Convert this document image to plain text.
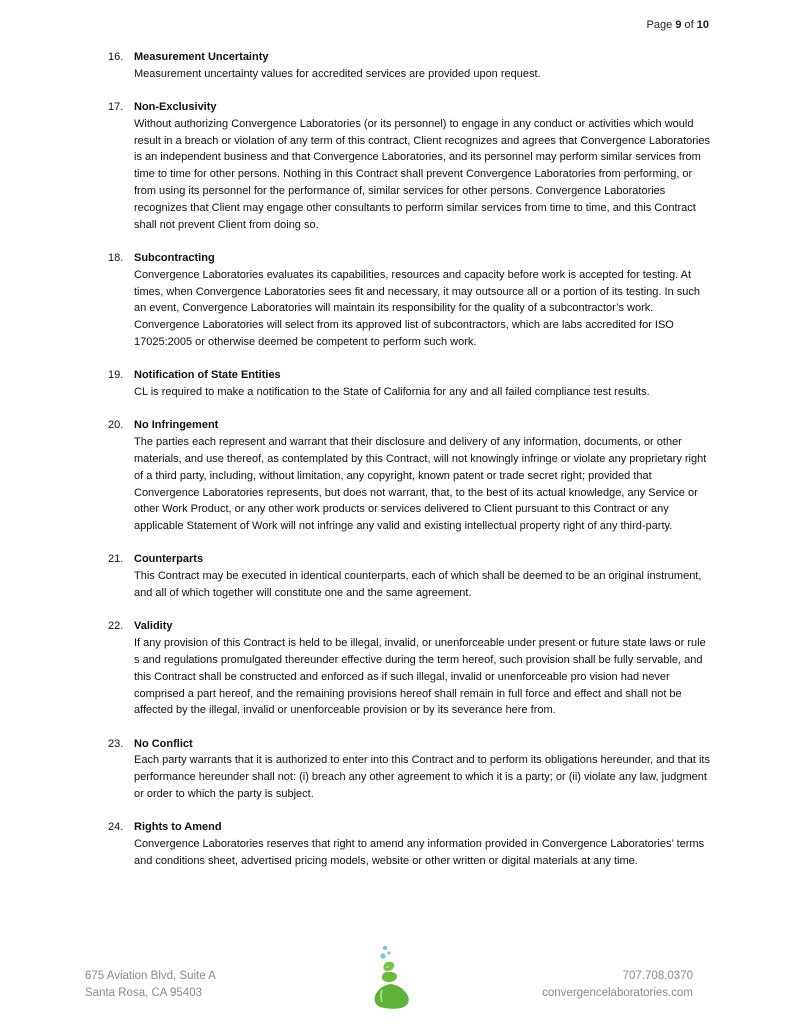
Page 9 of 10
16. Measurement Uncertainty
Measurement uncertainty values for accredited services are provided upon request.
17. Non-Exclusivity
Without authorizing Convergence Laboratories (or its personnel) to engage in any conduct or activities which would result in a breach or violation of any term of this contract, Client recognizes and agrees that Convergence Laboratories is an independent business and that Convergence Laboratories, and its personnel may perform similar services from time to time for other persons. Nothing in this Contract shall prevent Convergence Laboratories from performing, or from using its personnel for the performance of, similar services for other persons. Convergence Laboratories recognizes that Client may engage other consultants to perform similar services from time to time, and this Contract shall not prevent Client from doing so.
18. Subcontracting
Convergence Laboratories evaluates its capabilities, resources and capacity before work is accepted for testing. At times, when Convergence Laboratories sees fit and necessary, it may outsource all or a portion of its testing. In such an event, Convergence Laboratories will maintain its responsibility for the quality of a subcontractor’s work. Convergence Laboratories will select from its approved list of subcontractors, which are labs accredited for ISO 17025:2005 or otherwise deemed be competent to perform such work.
19. Notification of State Entities
CL is required to make a notification to the State of California for any and all failed compliance test results.
20. No Infringement
The parties each represent and warrant that their disclosure and delivery of any information, documents, or other materials, and use thereof, as contemplated by this Contract, will not knowingly infringe or violate any proprietary right of a third party, including, without limitation, any copyright, known patent or trade secret right; provided that Convergence Laboratories represents, but does not warrant, that, to the best of its actual knowledge, any Service or other Work Product, or any other work products or services delivered to Client pursuant to this Contract or any applicable Statement of Work will not infringe any valid and existing intellectual property right of any third-party.
21. Counterparts
This Contract may be executed in identical counterparts, each of which shall be deemed to be an original instrument, and all of which together will constitute one and the same agreement.
22. Validity
If any provision of this Contract is held to be illegal, invalid, or unenforceable under present or future state laws or rule s and regulations promulgated thereunder effective during the term hereof, such provision shall be fully servable, and this Contract shall be constructed and enforced as if such illegal, invalid or unenforceable pro vision had never comprised a part hereof, and the remaining provisions hereof shall remain in full force and effect and shall not be affected by the illegal, invalid or unenforceable provision or by its severance here from.
23. No Conflict
Each party warrants that it is authorized to enter into this Contract and to perform its obligations hereunder, and that its performance hereunder shall not: (i) breach any other agreement to which it is a party; or (ii) violate any law, judgment or order to which the party is subject.
24. Rights to Amend
Convergence Laboratories reserves that right to amend any information provided in Convergence Laboratories’ terms and conditions sheet, advertised pricing models, website or other written or digital materials at any time.
675 Aviation Blvd, Suite A
Santa Rosa, CA 95403
707.708.0370
convergencelaboratories.com
